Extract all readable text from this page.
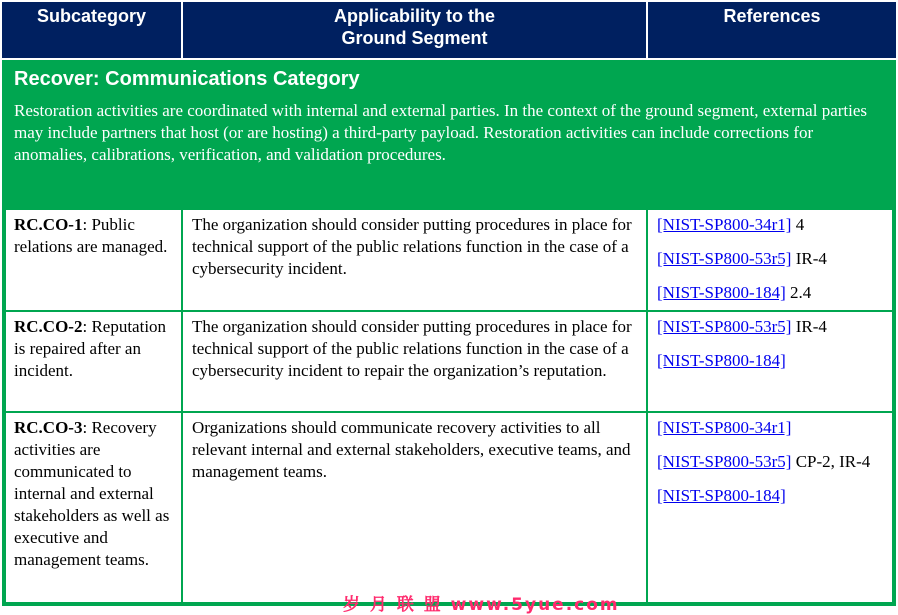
Subcategory	Applicability to the
Ground Segment
References
Recover: Communications Category
Restoration activities are coordinated with internal and external parties. In the context of the ground segment, external parties may include partners that host (or are hosting) a third-party payload. Restoration activities can include corrections for anomalies, calibrations, verification, and validation procedures.
RC.CO-1: Public relations are managed.
The organization should consider putting procedures in place for technical support of the public relations function in the case of a cybersecurity incident.
[NIST-SP800-34r1] 4
[NIST-SP800-53r5] IR-4
[NIST-SP800-184] 2.4
RC.CO-2: Reputation is repaired after an incident.
The organization should consider putting procedures in place for technical support of the public relations function in the case of a cybersecurity incident to repair the organization’s reputation.
[NIST-SP800-53r5] IR-4
[NIST-SP800-184]
RC.CO-3: Recovery activities are communicated to internal and external stakeholders as well as executive and management teams.
Organizations should communicate recovery activities to all relevant internal and external stakeholders, executive teams, and management teams.
[NIST-SP800-34r1]
[NIST-SP800-53r5] CP-2, IR-4
[NIST-SP800-184]
岁 月 联 盟 www.5yue.com
